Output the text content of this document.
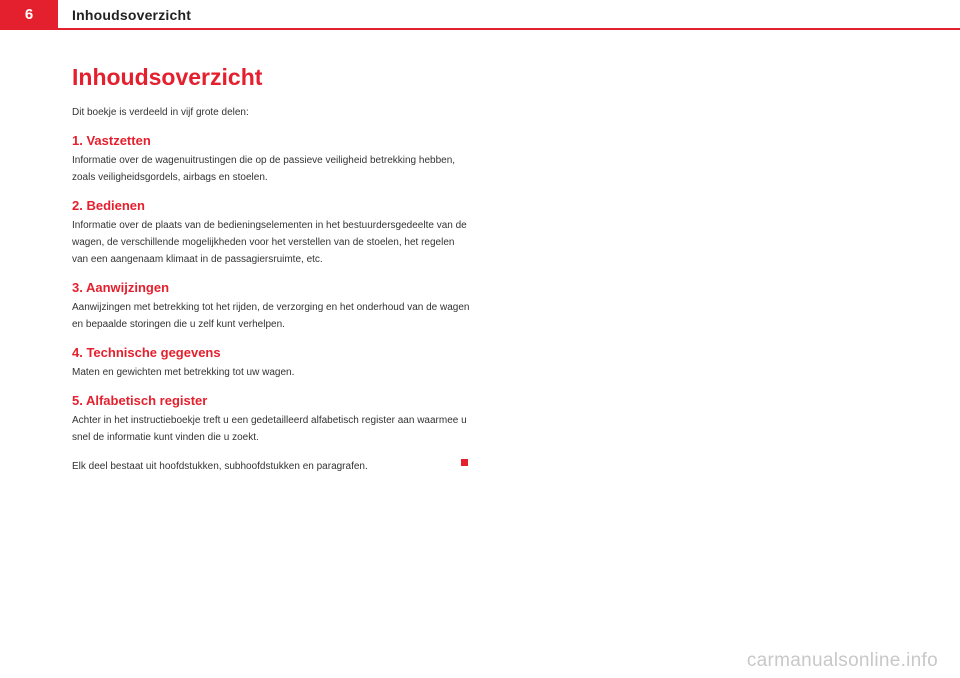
6	Inhoudsoverzicht
Inhoudsoverzicht

Dit boekje is verdeeld in vijf grote delen:

1. Vastzetten

Informatie over de wagenuitrustingen die op de passieve veiligheid betrekking hebben, zoals veiligheidsgordels, airbags en stoelen.

2. Bedienen

Informatie over de plaats van de bedieningselementen in het bestuurdersgedeelte van de wagen, de verschillende mogelijkheden voor het verstellen van de stoelen, het regelen van een aangenaam klimaat in de passagiersruimte, etc.

3. Aanwijzingen

Aanwijzingen met betrekking tot het rijden, de verzorging en het onderhoud van de wagen en bepaalde storingen die u zelf kunt verhelpen.

4. Technische gegevens

Maten en gewichten met betrekking tot uw wagen.

5. Alfabetisch register

Achter in het instructieboekje treft u een gedetailleerd alfabetisch register aan waarmee u snel de informatie kunt vinden die u zoekt.

Elk deel bestaat uit hoofdstukken, subhoofdstukken en paragrafen.

carmanualsonline.info
